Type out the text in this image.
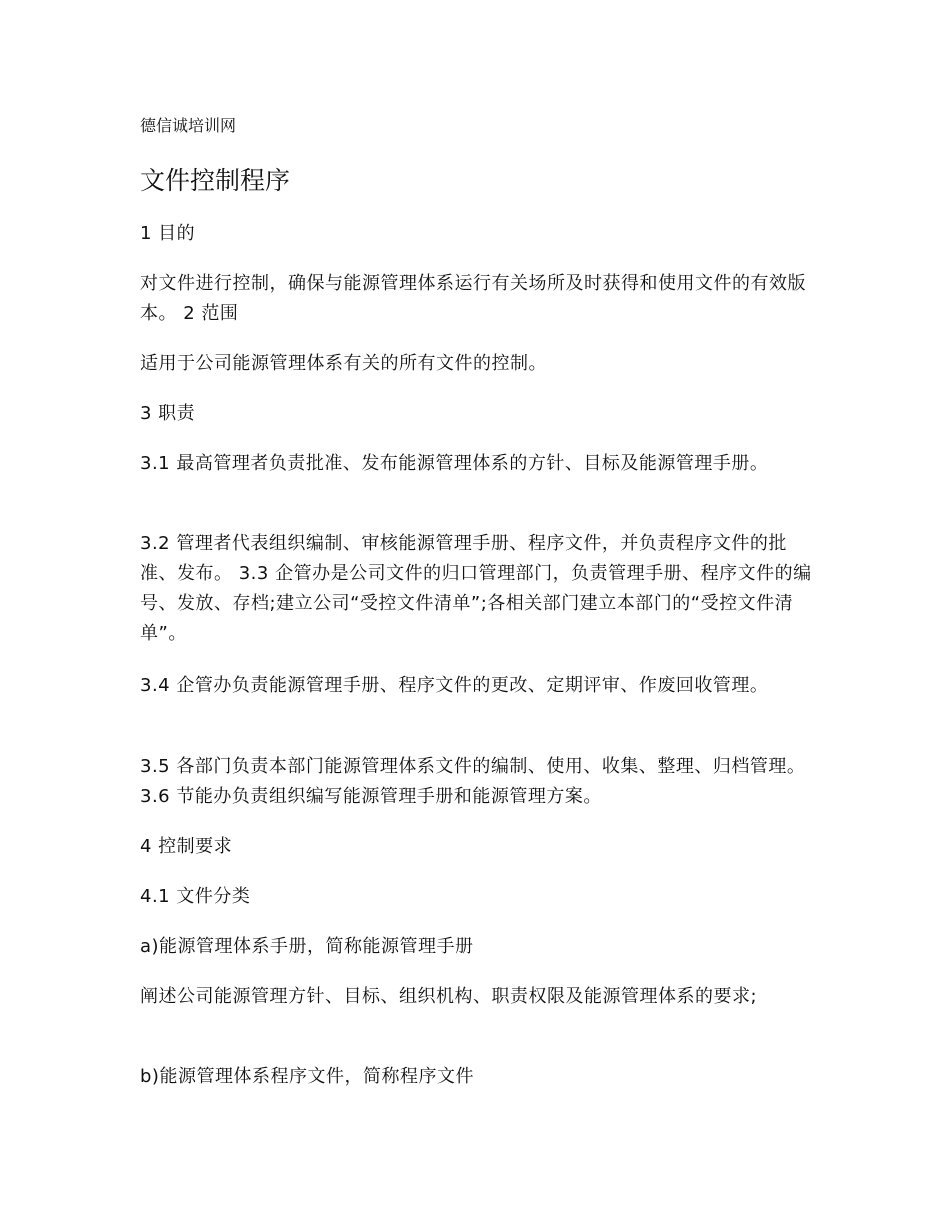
德信诚培训网
文件控制程序

1 目的

对文件进行控制，确保与能源管理体系运行有关场所及时获得和使用文件的有效版本。 2 范围

适用于公司能源管理体系有关的所有文件的控制。

3 职责

3.1 最高管理者负责批准、发布能源管理体系的方针、目标及能源管理手册。

3.2 管理者代表组织编制、审核能源管理手册、程序文件，并负责程序文件的批准、发布。 3.3 企管办是公司文件的归口管理部门，负责管理手册、程序文件的编号、发放、存档;建立公司“受控文件清单”;各相关部门建立本部门的“受控文件清单”。

3.4 企管办负责能源管理手册、程序文件的更改、定期评审、作废回收管理。

3.5 各部门负责本部门能源管理体系文件的编制、使用、收集、整理、归档管理。 3.6 节能办负责组织编写能源管理手册和能源管理方案。

4 控制要求

4.1 文件分类

a)能源管理体系手册，简称能源管理手册

阐述公司能源管理方针、目标、组织机构、职责权限及能源管理体系的要求;

b)能源管理体系程序文件，简称程序文件
